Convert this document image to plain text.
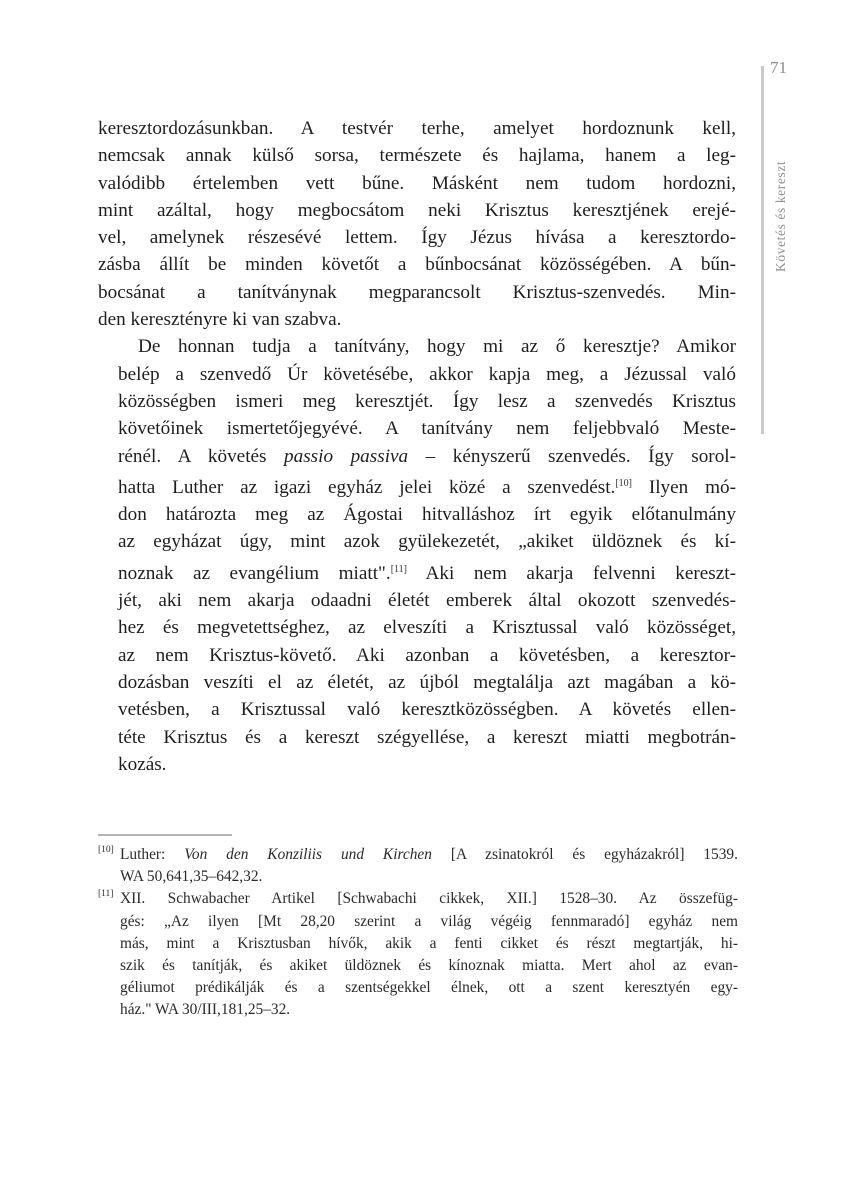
71
Követés és kereszt

keresztordozásunkban. A testvér terhe, amelyet hordoznunk kell,
nemcsak annak külső sorsa, természete és hajlama, hanem a leg-
valódibb értelemben vett bűne. Másként nem tudom hordozni,
mint azáltal, hogy megbocsátom neki Krisztus keresztjének erejé-
vel, amelynek részesévé lettem. Így Jézus hívása a keresztordo-
zásba állít be minden követőt a bűnbocsánat közösségében. A bűn-
bocsánat a tanítványnak megparancsolt Krisztus-szenvedés. Min-
den keresztényre ki van szabva.

De honnan tudja a tanítvány, hogy mi az ő keresztje? Amikor
belép a szenvedő Úr követésébe, akkor kapja meg, a Jézussal való
közösségben ismeri meg keresztjét. Így lesz a szenvedés Krisztus
követőinek ismertetőjegyévé. A tanítvány nem feljebbvaló Meste-
rénél. A követés passio passiva – kényszerű szenvedés. Így sorol-
hatta Luther az igazi egyház jelei közé a szenvedést.[10] Ilyen mó-
don határozta meg az Ágostai hitvalláshoz írt egyik előtanulmány
az egyházat úgy, mint azok gyülekezetét, „akiket üldöznek és kí-
noznak az evangélium miatt".[11] Aki nem akarja felvenni kereszt-
jét, aki nem akarja odaadni életét emberek által okozott szenvedés-
hez és megvetettséghez, az elveszíti a Krisztussal való közösséget,
az nem Krisztus-követő. Aki azonban a követésben, a keresztor-
dozásban veszíti el az életét, az újból megtalálja azt magában a kö-
vetésben, a Krisztussal való keresztközösségben. A követés ellen-
téte Krisztus és a kereszt szégyellése, a kereszt miatti megbotrán-
kozás.

[10] Luther: Von den Konziliis und Kirchen [A zsinatokról és egyházakról] 1539.
WA 50,641,35–642,32.
[11] XII. Schwabacher Artikel [Schwabachi cikkek, XII.] 1528–30. Az összefüg-
gés: „Az ilyen [Mt 28,20 szerint a világ végéig fennmaradó] egyház nem
más, mint a Krisztusban hívők, akik a fenti cikket és részt megtartják, hi-
szik és tanítják, és akiket üldöznek és kínoznak miatta. Mert ahol az evan-
géliumot prédikálják és a szentségekkel élnek, ott a szent keresztyén egy-
ház." WA 30/III,181,25–32.
